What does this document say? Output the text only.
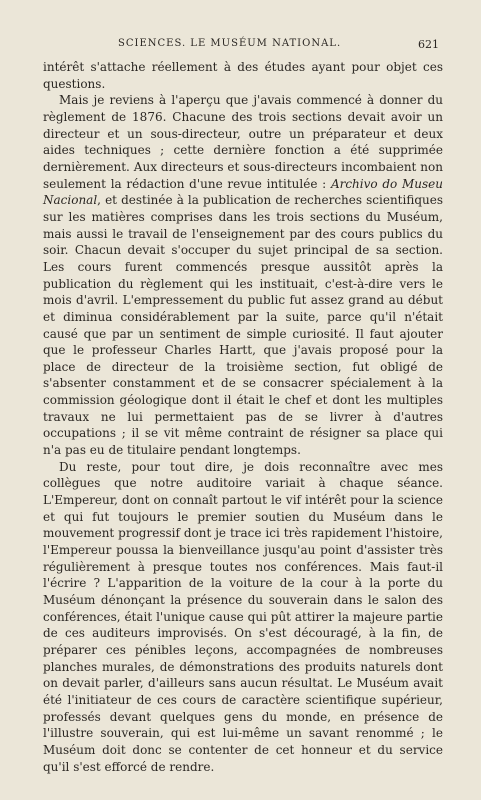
SCIENCES. LE MUSÉUM NATIONAL.	621

intérêt s'attache réellement à des études ayant pour objet ces questions.

Mais je reviens à l'aperçu que j'avais commencé à donner du règlement de 1876. Chacune des trois sections devait avoir un directeur et un sous-directeur, outre un préparateur et deux aides techniques ; cette dernière fonction a été supprimée dernièrement. Aux directeurs et sous-directeurs incombaient non seulement la rédaction d'une revue intitulée : Archivo do Museu Nacional, et destinée à la publication de recherches scientifiques sur les matières comprises dans les trois sections du Muséum, mais aussi le travail de l'enseignement par des cours publics du soir. Chacun devait s'occuper du sujet principal de sa section. Les cours furent commencés presque aussitôt après la publication du règlement qui les instituait, c'est-à-dire vers le mois d'avril. L'empressement du public fut assez grand au début et diminua considérablement par la suite, parce qu'il n'était causé que par un sentiment de simple curiosité. Il faut ajouter que le professeur Charles Hartt, que j'avais proposé pour la place de directeur de la troisième section, fut obligé de s'absenter constamment et de se consacrer spécialement à la commission géologique dont il était le chef et dont les multiples travaux ne lui permettaient pas de se livrer à d'autres occupations ; il se vit même contraint de résigner sa place qui n'a pas eu de titulaire pendant longtemps.

Du reste, pour tout dire, je dois reconnaître avec mes collègues que notre auditoire variait à chaque séance. L'Empereur, dont on connaît partout le vif intérêt pour la science et qui fut toujours le premier soutien du Muséum dans le mouvement progressif dont je trace ici très rapidement l'histoire, l'Empereur poussa la bienveillance jusqu'au point d'assister très régulièrement à presque toutes nos conférences. Mais faut-il l'écrire ? L'apparition de la voiture de la cour à la porte du Muséum dénonçant la présence du souverain dans le salon des conférences, était l'unique cause qui pût attirer la majeure partie de ces auditeurs improvisés. On s'est découragé, à la fin, de préparer ces pénibles leçons, accompagnées de nombreuses planches murales, de démonstrations des produits naturels dont on devait parler, d'ailleurs sans aucun résultat. Le Muséum avait été l'initiateur de ces cours de caractère scientifique supérieur, professés devant quelques gens du monde, en présence de l'illustre souverain, qui est lui-même un savant renommé ; le Muséum doit donc se contenter de cet honneur et du service qu'il s'est efforcé de rendre.
